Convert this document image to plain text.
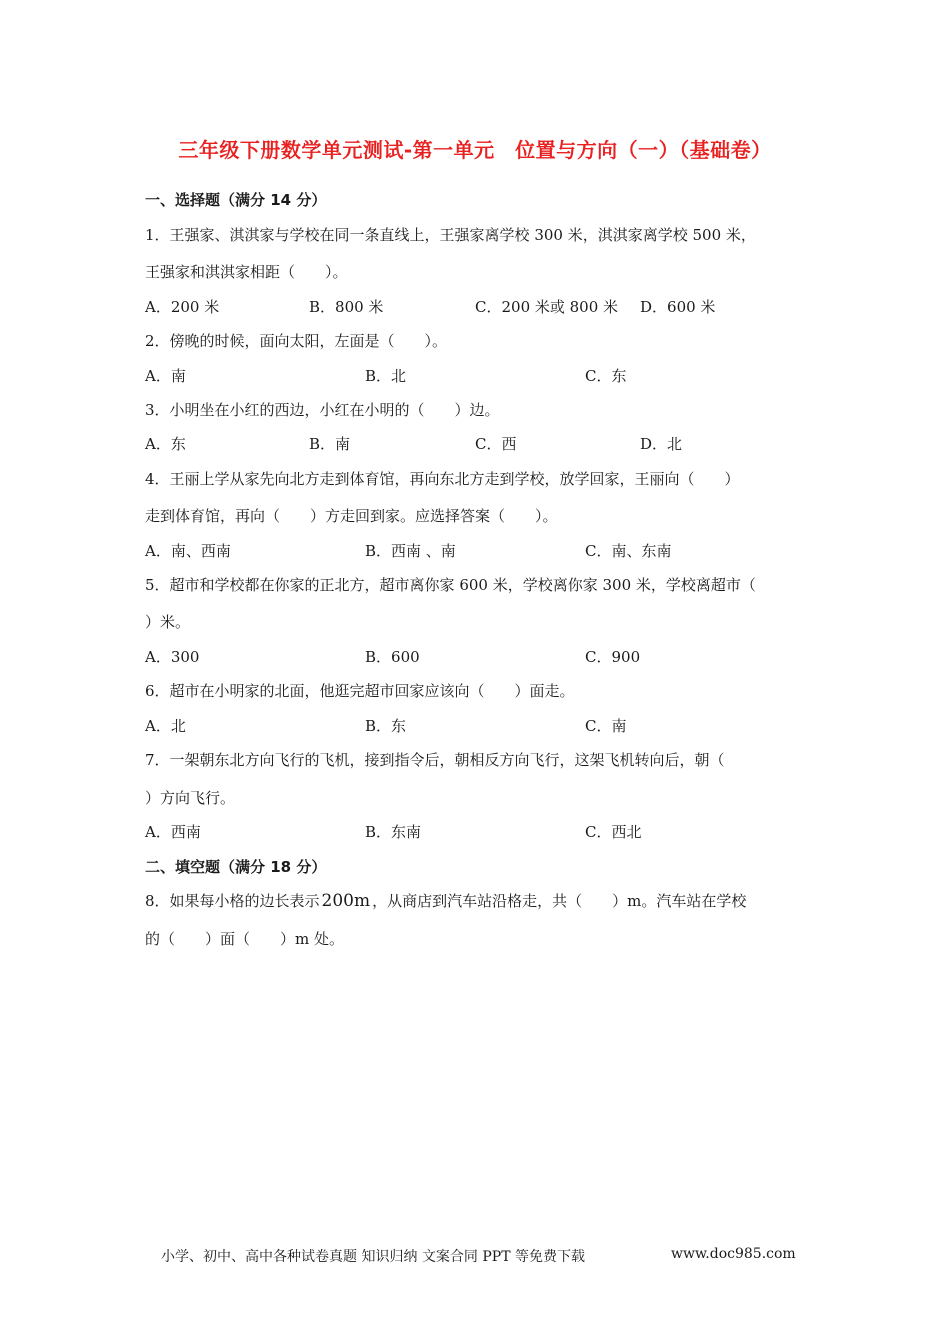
三年级下册数学单元测试-第一单元　位置与方向（一）（基础卷）
一、选择题（满分 14 分）
1．王强家、淇淇家与学校在同一条直线上，王强家离学校 300 米，淇淇家离学校 500 米，
王强家和淇淇家相距（　　）。
A．200 米	B．800 米	C．200 米或 800 米 D．600 米
2．傍晚的时候，面向太阳，左面是（　　）。
A．南	B．北	C．东
3．小明坐在小红的西边，小红在小明的（　　）边。
A．东	B．南	C．西	D．北
4．王丽上学从家先向北方走到体育馆，再向东北方走到学校，放学回家，王丽向（　　）
走到体育馆，再向（　　）方走回到家。应选择答案（　　）。
A．南、西南	B．西南 、南	C．南、东南
5．超市和学校都在你家的正北方，超市离你家 600 米，学校离你家 300 米，学校离超市（
）米。
A．300	B．600	C．900
6．超市在小明家的北面，他逛完超市回家应该向（　　）面走。
A．北	B．东	C．南
7．一架朝东北方向飞行的飞机，接到指令后，朝相反方向飞行，这架飞机转向后，朝（
）方向飞行。
A．西南	B．东南	C．西北
二、填空题（满分 18 分）
8．如果每小格的边长表示 200m ，从商店到汽车站沿格走，共（　　）m。汽车站在学校
的（　　）面（　　）m 处。
小学、初中、高中各种试卷真题 知识归纳 文案合同 PPT 等免费下载	www.doc985.com
